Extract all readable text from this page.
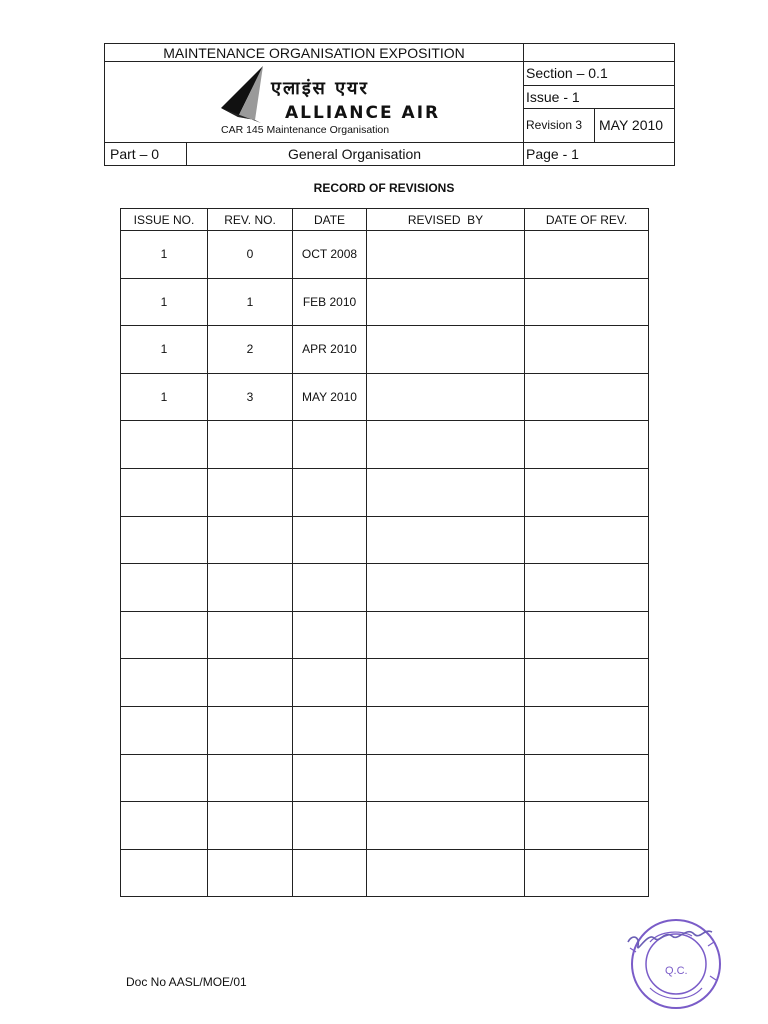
MAINTENANCE ORGANISATION EXPOSITION
एलाइंस एयर
ALLIANCE AIR
CAR 145 Maintenance Organisation
Section – 0.1
Issue - 1
Revision 3 MAY 2010
Part – 0	General Organisation	Page - 1
RECORD OF REVISIONS
ISSUE NO.	REV. NO.	DATE	REVISED  BY	DATE OF REV.
1	0	OCT 2008		
1	1	FEB 2010		
1	2	APR 2010		
1	3	MAY 2010		

Doc No AASL/MOE/01
Q.C.
